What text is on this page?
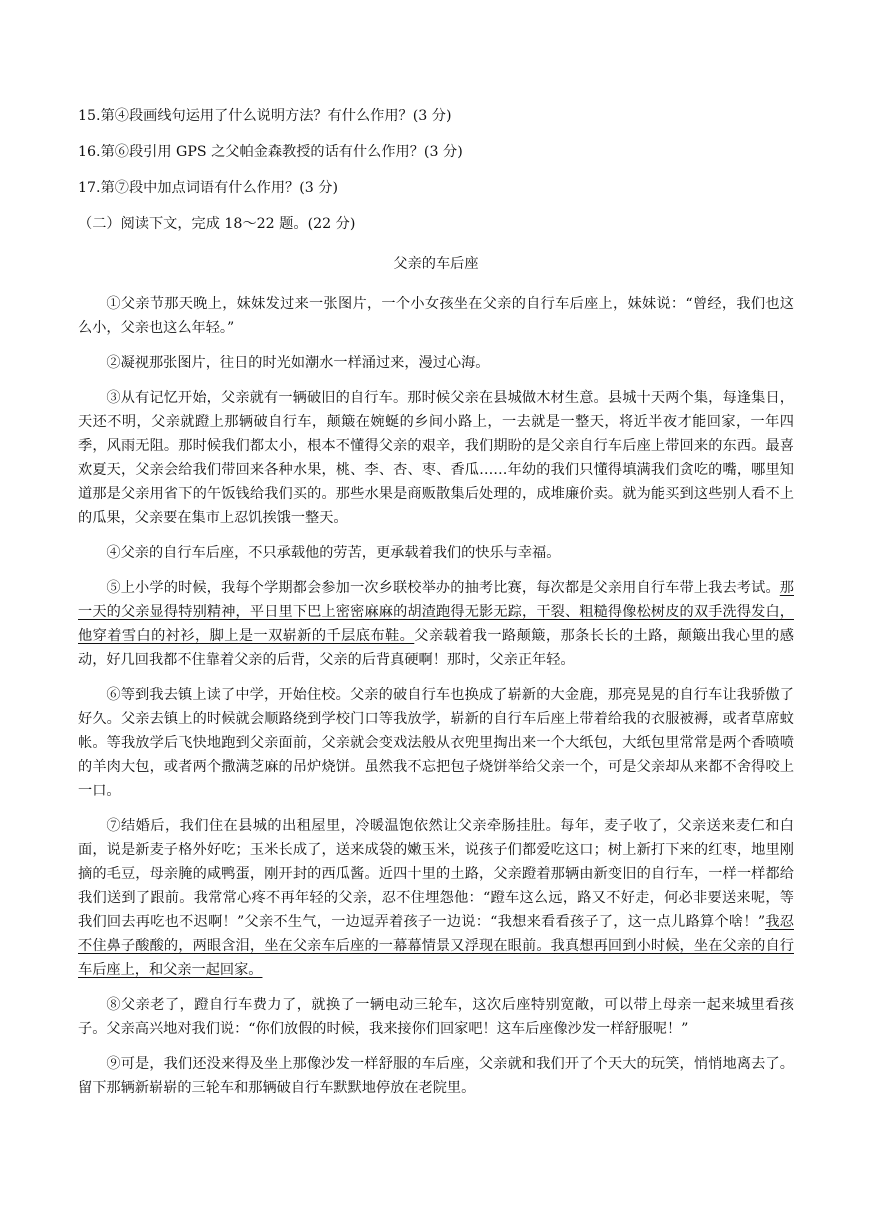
15.第④段画线句运用了什么说明方法？有什么作用？(3 分)

16.第⑥段引用 GPS 之父帕金森教授的话有什么作用？(3 分)

17.第⑦段中加点词语有什么作用？(3 分)

（二）阅读下文，完成 18～22 题。(22 分)

父亲的车后座

①父亲节那天晚上，妹妹发过来一张图片，一个小女孩坐在父亲的自行车后座上，妹妹说：“曾经，我们也这么小，父亲也这么年轻。”

②凝视那张图片，往日的时光如潮水一样涌过来，漫过心海。

③从有记忆开始，父亲就有一辆破旧的自行车。那时候父亲在县城做木材生意。县城十天两个集，每逢集日，天还不明，父亲就蹬上那辆破自行车，颠簸在婉蜒的乡间小路上，一去就是一整天，将近半夜才能回家，一年四季，风雨无阻。那时候我们都太小，根本不懂得父亲的艰辛，我们期盼的是父亲自行车后座上带回来的东西。最喜欢夏天，父亲会给我们带回来各种水果，桃、李、杏、枣、香瓜……年幼的我们只懂得填满我们贪吃的嘴，哪里知道那是父亲用省下的午饭钱给我们买的。那些水果是商贩散集后处理的，成堆廉价卖。就为能买到这些别人看不上的瓜果，父亲要在集市上忍饥挨饿一整天。

④父亲的自行车后座，不只承载他的劳苦，更承载着我们的快乐与幸福。

⑤上小学的时候，我每个学期都会参加一次乡联校举办的抽考比赛，每次都是父亲用自行车带上我去考试。那一天的父亲显得特别精神，平日里下巴上密密麻麻的胡渣跑得无影无踪，干裂、粗糙得像松树皮的双手洗得发白，他穿着雪白的衬衫，脚上是一双崭新的千层底布鞋。父亲载着我一路颠簸，那条长长的土路，颠簸出我心里的感动，好几回我都不住靠着父亲的后背，父亲的后背真硬啊！那时，父亲正年轻。

⑥等到我去镇上读了中学，开始住校。父亲的破自行车也换成了崭新的大金鹿，那亮晃晃的自行车让我骄傲了好久。父亲去镇上的时候就会顺路绕到学校门口等我放学，崭新的自行车后座上带着给我的衣服被褥，或者草席蚊帐。等我放学后飞快地跑到父亲面前，父亲就会变戏法般从衣兜里掏出来一个大纸包，大纸包里常常是两个香喷喷的羊肉大包，或者两个撒满芝麻的吊炉烧饼。虽然我不忘把包子烧饼举给父亲一个，可是父亲却从来都不舍得咬上一口。

⑦结婚后，我们住在县城的出租屋里，冷暖温饱依然让父亲牵肠挂肚。每年，麦子收了，父亲送来麦仁和白面，说是新麦子格外好吃；玉米长成了，送来成袋的嫩玉米，说孩子们都爱吃这口；树上新打下来的红枣，地里刚摘的毛豆，母亲腌的咸鸭蛋，刚开封的西瓜酱。近四十里的土路，父亲蹬着那辆由新变旧的自行车，一样一样都给我们送到了跟前。我常常心疼不再年轻的父亲，忍不住埋怨他：“蹬车这么远，路又不好走，何必非要送来呢，等我们回去再吃也不迟啊！”父亲不生气，一边逗弄着孩子一边说：“我想来看看孩子了，这一点儿路算个啥！”我忍不住鼻子酸酸的，两眼含泪，坐在父亲车后座的一幕幕情景又浮现在眼前。我真想再回到小时候，坐在父亲的自行车后座上，和父亲一起回家。

⑧父亲老了，蹬自行车费力了，就换了一辆电动三轮车，这次后座特别宽敞，可以带上母亲一起来城里看孩子。父亲高兴地对我们说：“你们放假的时候，我来接你们回家吧！这车后座像沙发一样舒服呢！”

⑨可是，我们还没来得及坐上那像沙发一样舒服的车后座，父亲就和我们开了个天大的玩笑，悄悄地离去了。留下那辆新崭崭的三轮车和那辆破自行车默默地停放在老院里。
